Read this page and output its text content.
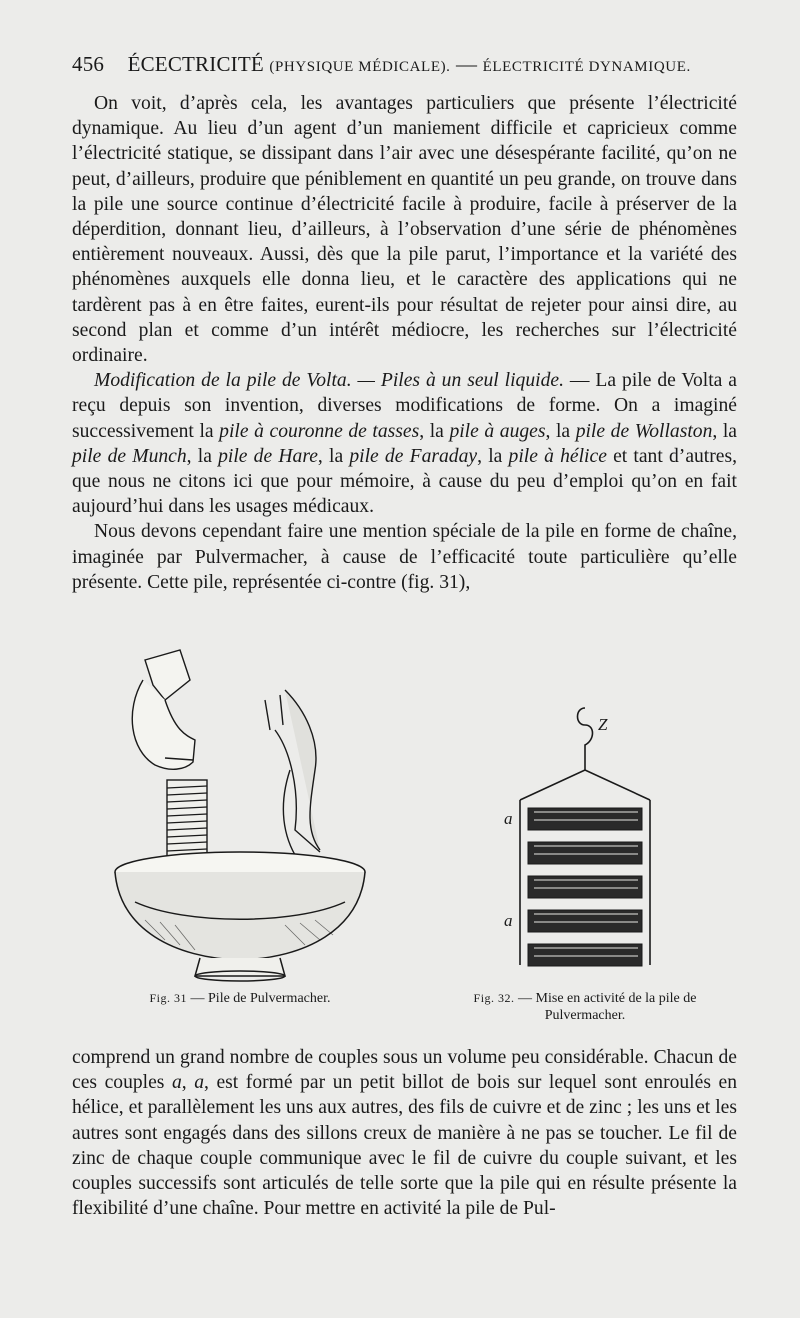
456 ÉCECTRICITÉ (PHYSIQUE MÉDICALE). — ÉLECTRICITÉ DYNAMIQUE.

On voit, d’après cela, les avantages particuliers que présente l’électricité dynamique. Au lieu d’un agent d’un maniement difficile et capricieux comme l’électricité statique, se dissipant dans l’air avec une désespérante facilité, qu’on ne peut, d’ailleurs, produire que péniblement en quantité un peu grande, on trouve dans la pile une source continue d’électricité facile à produire, facile à préserver de la déperdition, donnant lieu, d’ailleurs, à l’observation d’une série de phénomènes entièrement nouveaux. Aussi, dès que la pile parut, l’importance et la variété des phénomènes auxquels elle donna lieu, et le caractère des applications qui ne tardèrent pas à en être faites, eurent-ils pour résultat de rejeter pour ainsi dire, au second plan et comme d’un intérêt médiocre, les recherches sur l’électricité ordinaire.

Modification de la pile de Volta. — Piles à un seul liquide. — La pile de Volta a reçu depuis son invention, diverses modifications de forme. On a imaginé successivement la pile à couronne de tasses, la pile à auges, la pile de Wollaston, la pile de Munch, la pile de Hare, la pile de Faraday, la pile à hélice et tant d’autres, que nous ne citons ici que pour mémoire, à cause du peu d’emploi qu’on en fait aujourd’hui dans les usages médicaux.

Nous devons cependant faire une mention spéciale de la pile en forme de chaîne, imaginée par Pulvermacher, à cause de l’efficacité toute particulière qu’elle présente. Cette pile, représentée ci-contre (fig. 31),

a
a
Z
Fig. 31 — Pile de Pulvermacher.	Fig. 32. — Mise en activité de la pile de Pulvermacher.

comprend un grand nombre de couples sous un volume peu considérable. Chacun de ces couples a, a, est formé par un petit billot de bois sur lequel sont enroulés en hélice, et parallèlement les uns aux autres, des fils de cuivre et de zinc ; les uns et les autres sont engagés dans des sillons creux de manière à ne pas se toucher. Le fil de zinc de chaque couple communique avec le fil de cuivre du couple suivant, et les couples successifs sont articulés de telle sorte que la pile qui en résulte présente la flexibilité d’une chaîne. Pour mettre en activité la pile de Pul-
